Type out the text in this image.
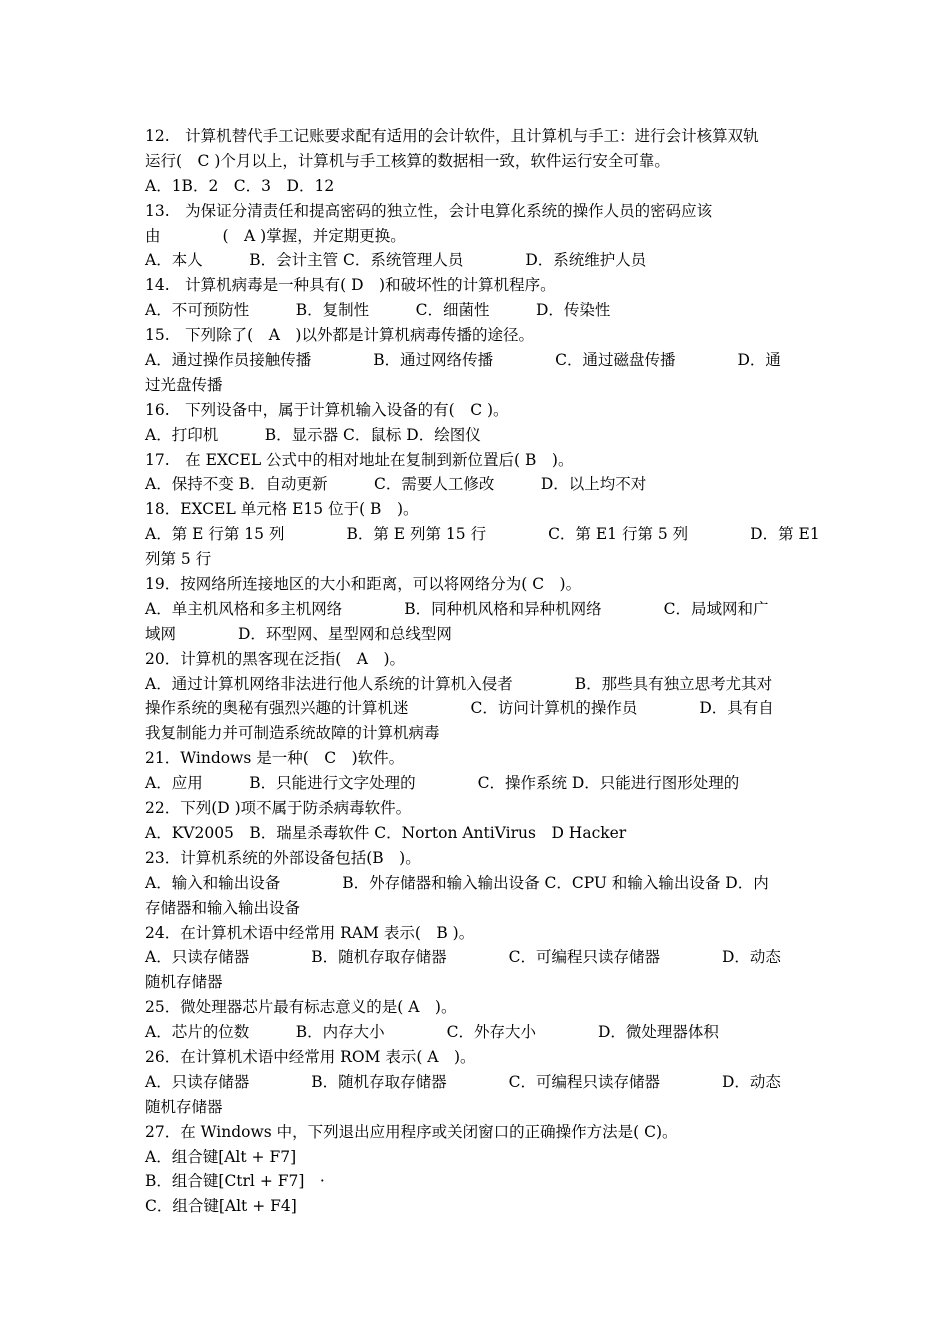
12.　计算机替代手工记账要求配有适用的会计软件，且计算机与手工：进行会计核算双轨
运行(　C )个月以上，计算机与手工核算的数据相一致，软件运行安全可靠。
A．1B．2　C．3　D．12
13.　为保证分清责任和提高密码的独立性，会计电算化系统的操作人员的密码应该
由　　　　(　A )掌握，并定期更换。
A．本人　　　B．会计主管 C．系统管理人员　　　　D．系统维护人员
14.　计算机病毒是一种具有( D　)和破坏性的计算机程序。
A．不可预防性　　　B．复制性　　　C．细菌性　　　D．传染性
15.　下列除了(　A　)以外都是计算机病毒传播的途径。
A．通过操作员接触传播　　　　B．通过网络传播　　　　C．通过磁盘传播　　　　D．通
过光盘传播
16.　下列设备中，属于计算机输入设备的有(　C )。
A．打印机　　　B．显示器 C．鼠标 D．绘图仪
17.　在 EXCEL 公式中的相对地址在复制到新位置后( B　)。
A．保持不变 B．自动更新　　　C．需要人工修改　　　D．以上均不对
18．EXCEL 单元格 E15 位于( B　)。
A．第 E 行第 15 列　　　　B．第 E 列第 15 行　　　　C．第 E1 行第 5 列　　　　D．第 E1
列第 5 行
19．按网络所连接地区的大小和距离，可以将网络分为( C　)。
A．单主机风格和多主机网络　　　　B．同种机风格和异种机网络　　　　C．局域网和广
域网　　　　D．环型网、星型网和总线型网
20．计算机的黑客现在泛指(　A　)。
A．通过计算机网络非法进行他人系统的计算机入侵者　　　　B．那些具有独立思考尤其对
操作系统的奥秘有强烈兴趣的计算机迷　　　　C．访问计算机的操作员　　　　D．具有自
我复制能力并可制造系统故障的计算机病毒
21．Windows 是一种(　C　)软件。
A．应用　　　B．只能进行文字处理的　　　　C．操作系统 D．只能进行图形处理的
22．下列(D )项不属于防杀病毒软件。
A．KV2005　B．瑞星杀毒软件 C．Norton AntiVirus　D Hacker
23．计算机系统的外部设备包括(B　)。
A．输入和输出设备　　　　B．外存储器和输入输出设备 C．CPU 和输入输出设备 D．内
存储器和输入输出设备
24．在计算机术语中经常用 RAM 表示(　B )。
A．只读存储器　　　　B．随机存取存储器　　　　C．可编程只读存储器　　　　D．动态
随机存储器
25．微处理器芯片最有标志意义的是( A　)。
A．芯片的位数　　　B．内存大小　　　　C．外存大小　　　　D．微处理器体积
26．在计算机术语中经常用 ROM 表示( A　)。
A．只读存储器　　　　B．随机存取存储器　　　　C．可编程只读存储器　　　　D．动态
随机存储器
27．在 Windows 中，下列退出应用程序或关闭窗口的正确操作方法是( C)。
A．组合键[Alt + F7]
B．组合键[Ctrl + F7]　·
C．组合键[Alt + F4]
